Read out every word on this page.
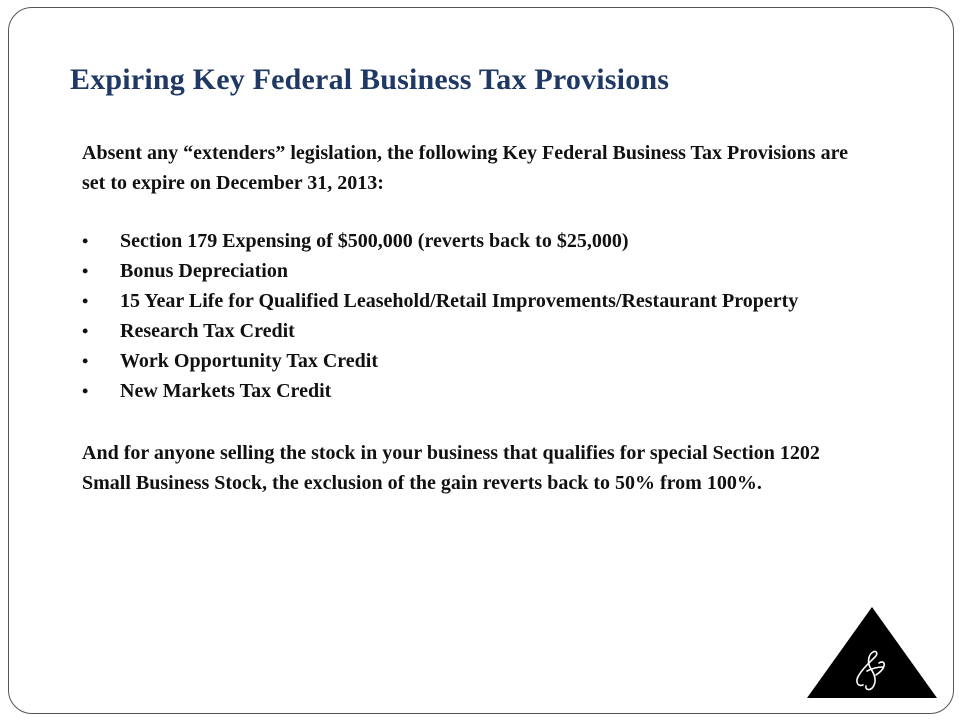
Expiring Key Federal Business Tax Provisions

Absent any “extenders” legislation, the following Key Federal Business Tax Provisions are set to expire on December 31, 2013:

• Section 179 Expensing of $500,000 (reverts back to $25,000)
• Bonus Depreciation
• 15 Year Life for Qualified Leasehold/Retail Improvements/Restaurant Property
• Research Tax Credit
• Work Opportunity Tax Credit
• New Markets Tax Credit

And for anyone selling the stock in your business that qualifies for special Section 1202 Small Business Stock, the exclusion of the gain reverts back to 50% from 100%.
